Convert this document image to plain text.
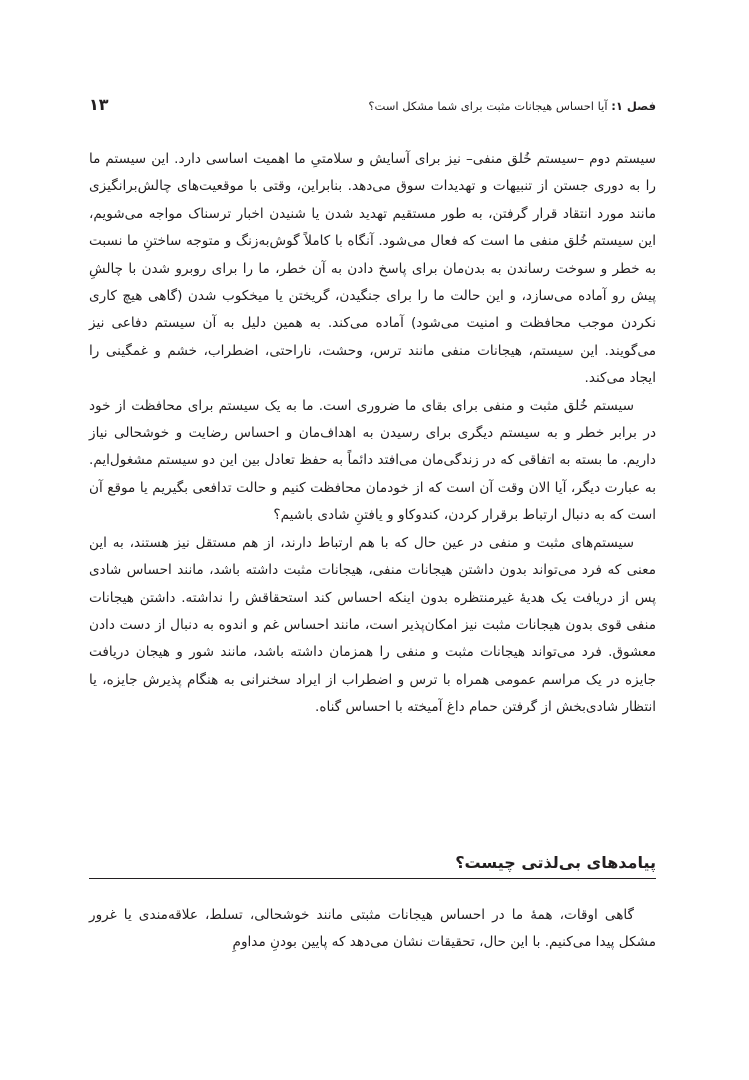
فصل ۱: آیا احساس هیجانات مثبت برای شما مشکل است؟
۱۳

سیستم دوم –سیستم خُلق منفی– نیز برای آسایش و سلامتیِ ما اهمیت اساسی دارد. این سیستم ما را به دوری جستن از تنبیهات و تهدیدات سوق می‌دهد. بنابراین، وقتی با موقعیت‌های چالش‌برانگیزی مانند مورد انتقاد قرار گرفتن، به طور مستقیم تهدید شدن یا شنیدن اخبار ترسناک مواجه می‌شویم، این سیستم خُلق منفی ما است که فعال می‌شود. آنگاه با کاملاً گوش‌به‌زنگ و متوجه ساختنِ ما نسبت به خطر و سوخت رساندن به بدن‌مان برای پاسخ دادن به آن خطر، ما را برای روبرو شدن با چالشِ پیش رو آماده می‌سازد، و این حالت ما را برای جنگیدن، گریختن یا میخکوب شدن (گاهی هیچ کاری نکردن موجب محافظت و امنیت می‌شود) آماده می‌کند. به همین دلیل به آن سیستم دفاعی نیز می‌گویند. این سیستم، هیجانات منفی مانند ترس، وحشت، ناراحتی، اضطراب، خشم و غمگینی را ایجاد می‌کند.

سیستم خُلق مثبت و منفی برای بقای ما ضروری است. ما به یک سیستم برای محافظت از خود در برابر خطر و به سیستم دیگری برای رسیدن به اهداف‌مان و احساس رضایت و خوشحالی نیاز داریم. ما بسته به اتفاقی که در زندگی‌مان می‌افتد دائماً به حفظ تعادل بین این دو سیستم مشغول‌ایم. به عبارت دیگر، آیا الان وقت آن است که از خودمان محافظت کنیم و حالت تدافعی بگیریم یا موقع آن است که به دنبال ارتباط برقرار کردن، کندوکاو و یافتنِ شادی باشیم؟

سیستم‌های مثبت و منفی در عین حال که با هم ارتباط دارند، از هم مستقل نیز هستند، به این معنی که فرد می‌تواند بدون داشتن هیجانات منفی، هیجانات مثبت داشته باشد، مانند احساس شادی پس از دریافت یک هدیهٔ غیرمنتظره بدون اینکه احساس کند استحقاقش را نداشته. داشتن هیجانات منفی قوی بدون هیجانات مثبت نیز امکان‌پذیر است، مانند احساس غم و اندوه به دنبال از دست دادن معشوق. فرد می‌تواند هیجانات مثبت و منفی را همزمان داشته باشد، مانند شور و هیجان دریافت جایزه در یک مراسم عمومی همراه با ترس و اضطراب از ایراد سخنرانی به هنگام پذیرش جایزه، یا انتظار شادی‌بخش از گرفتن حمام داغ آمیخته با احساس گناه.

پیامدهای بی‌لذتی چیست؟

گاهی اوقات، همهٔ ما در احساس هیجانات مثبتی مانند خوشحالی، تسلط، علاقه‌مندی یا غرور مشکل پیدا می‌کنیم. با این حال، تحقیقات نشان می‌دهد که پایین بودنِ مداومِ
